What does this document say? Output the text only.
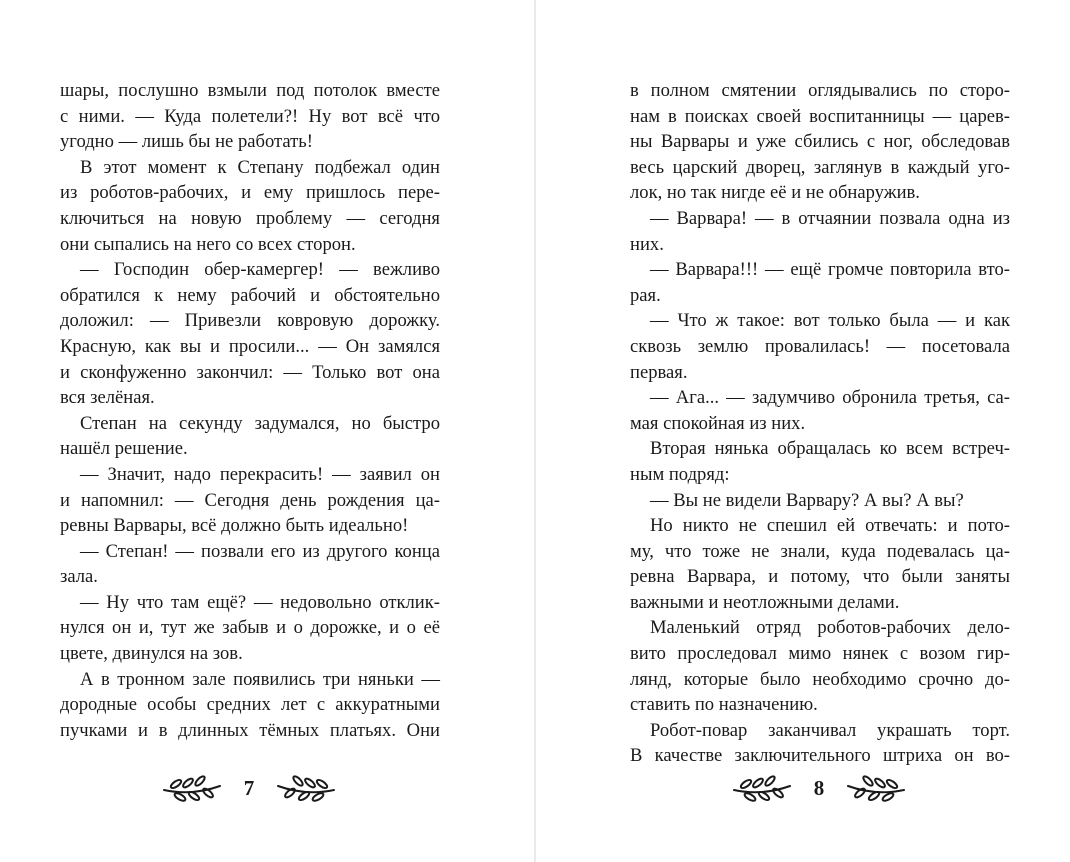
шары, послушно взмыли под потолок вместе
с ними. — Куда полетели?! Ну вот всё что
угодно — лишь бы не работать!
В этот момент к Степану подбежал один
из роботов-рабочих, и ему пришлось пере-
ключиться на новую проблему — сегодня
они сыпались на него со всех сторон.
— Господин обер-камергер! — вежливо
обратился к нему рабочий и обстоятельно
доложил: — Привезли ковровую дорожку.
Красную, как вы и просили... — Он замялся
и сконфуженно закончил: — Только вот она
вся зелёная.
Степан на секунду задумался, но быстро
нашёл решение.
— Значит, надо перекрасить! — заявил он
и напомнил: — Сегодня день рождения ца-
ревны Варвары, всё должно быть идеально!
— Степан! — позвали его из другого конца
зала.
— Ну что там ещё? — недовольно отклик-
нулся он и, тут же забыв и о дорожке, и о её
цвете, двинулся на зов.
А в тронном зале появились три няньки —
дородные особы средних лет с аккуратными
пучками и в длинных тёмных платьях. Они
в полном смятении оглядывались по сторо-
нам в поисках своей воспитанницы — царев-
ны Варвары и уже сбились с ног, обследовав
весь царский дворец, заглянув в каждый уго-
лок, но так нигде её и не обнаружив.
— Варвара! — в отчаянии позвала одна из
них.
— Варвара!!! — ещё громче повторила вто-
рая.
— Что ж такое: вот только была — и как
сквозь землю провалилась! — посетовала
первая.
— Ага... — задумчиво обронила третья, са-
мая спокойная из них.
Вторая нянька обращалась ко всем встреч-
ным подряд:
— Вы не видели Варвару? А вы? А вы?
Но никто не спешил ей отвечать: и пото-
му, что тоже не знали, куда подевалась ца-
ревна Варвара, и потому, что были заняты
важными и неотложными делами.
Маленький отряд роботов-рабочих дело-
вито проследовал мимо нянек с возом гир-
лянд, которые было необходимо срочно до-
ставить по назначению.
Робот-повар заканчивал украшать торт.
В качестве заключительного штриха он во-
7	8
